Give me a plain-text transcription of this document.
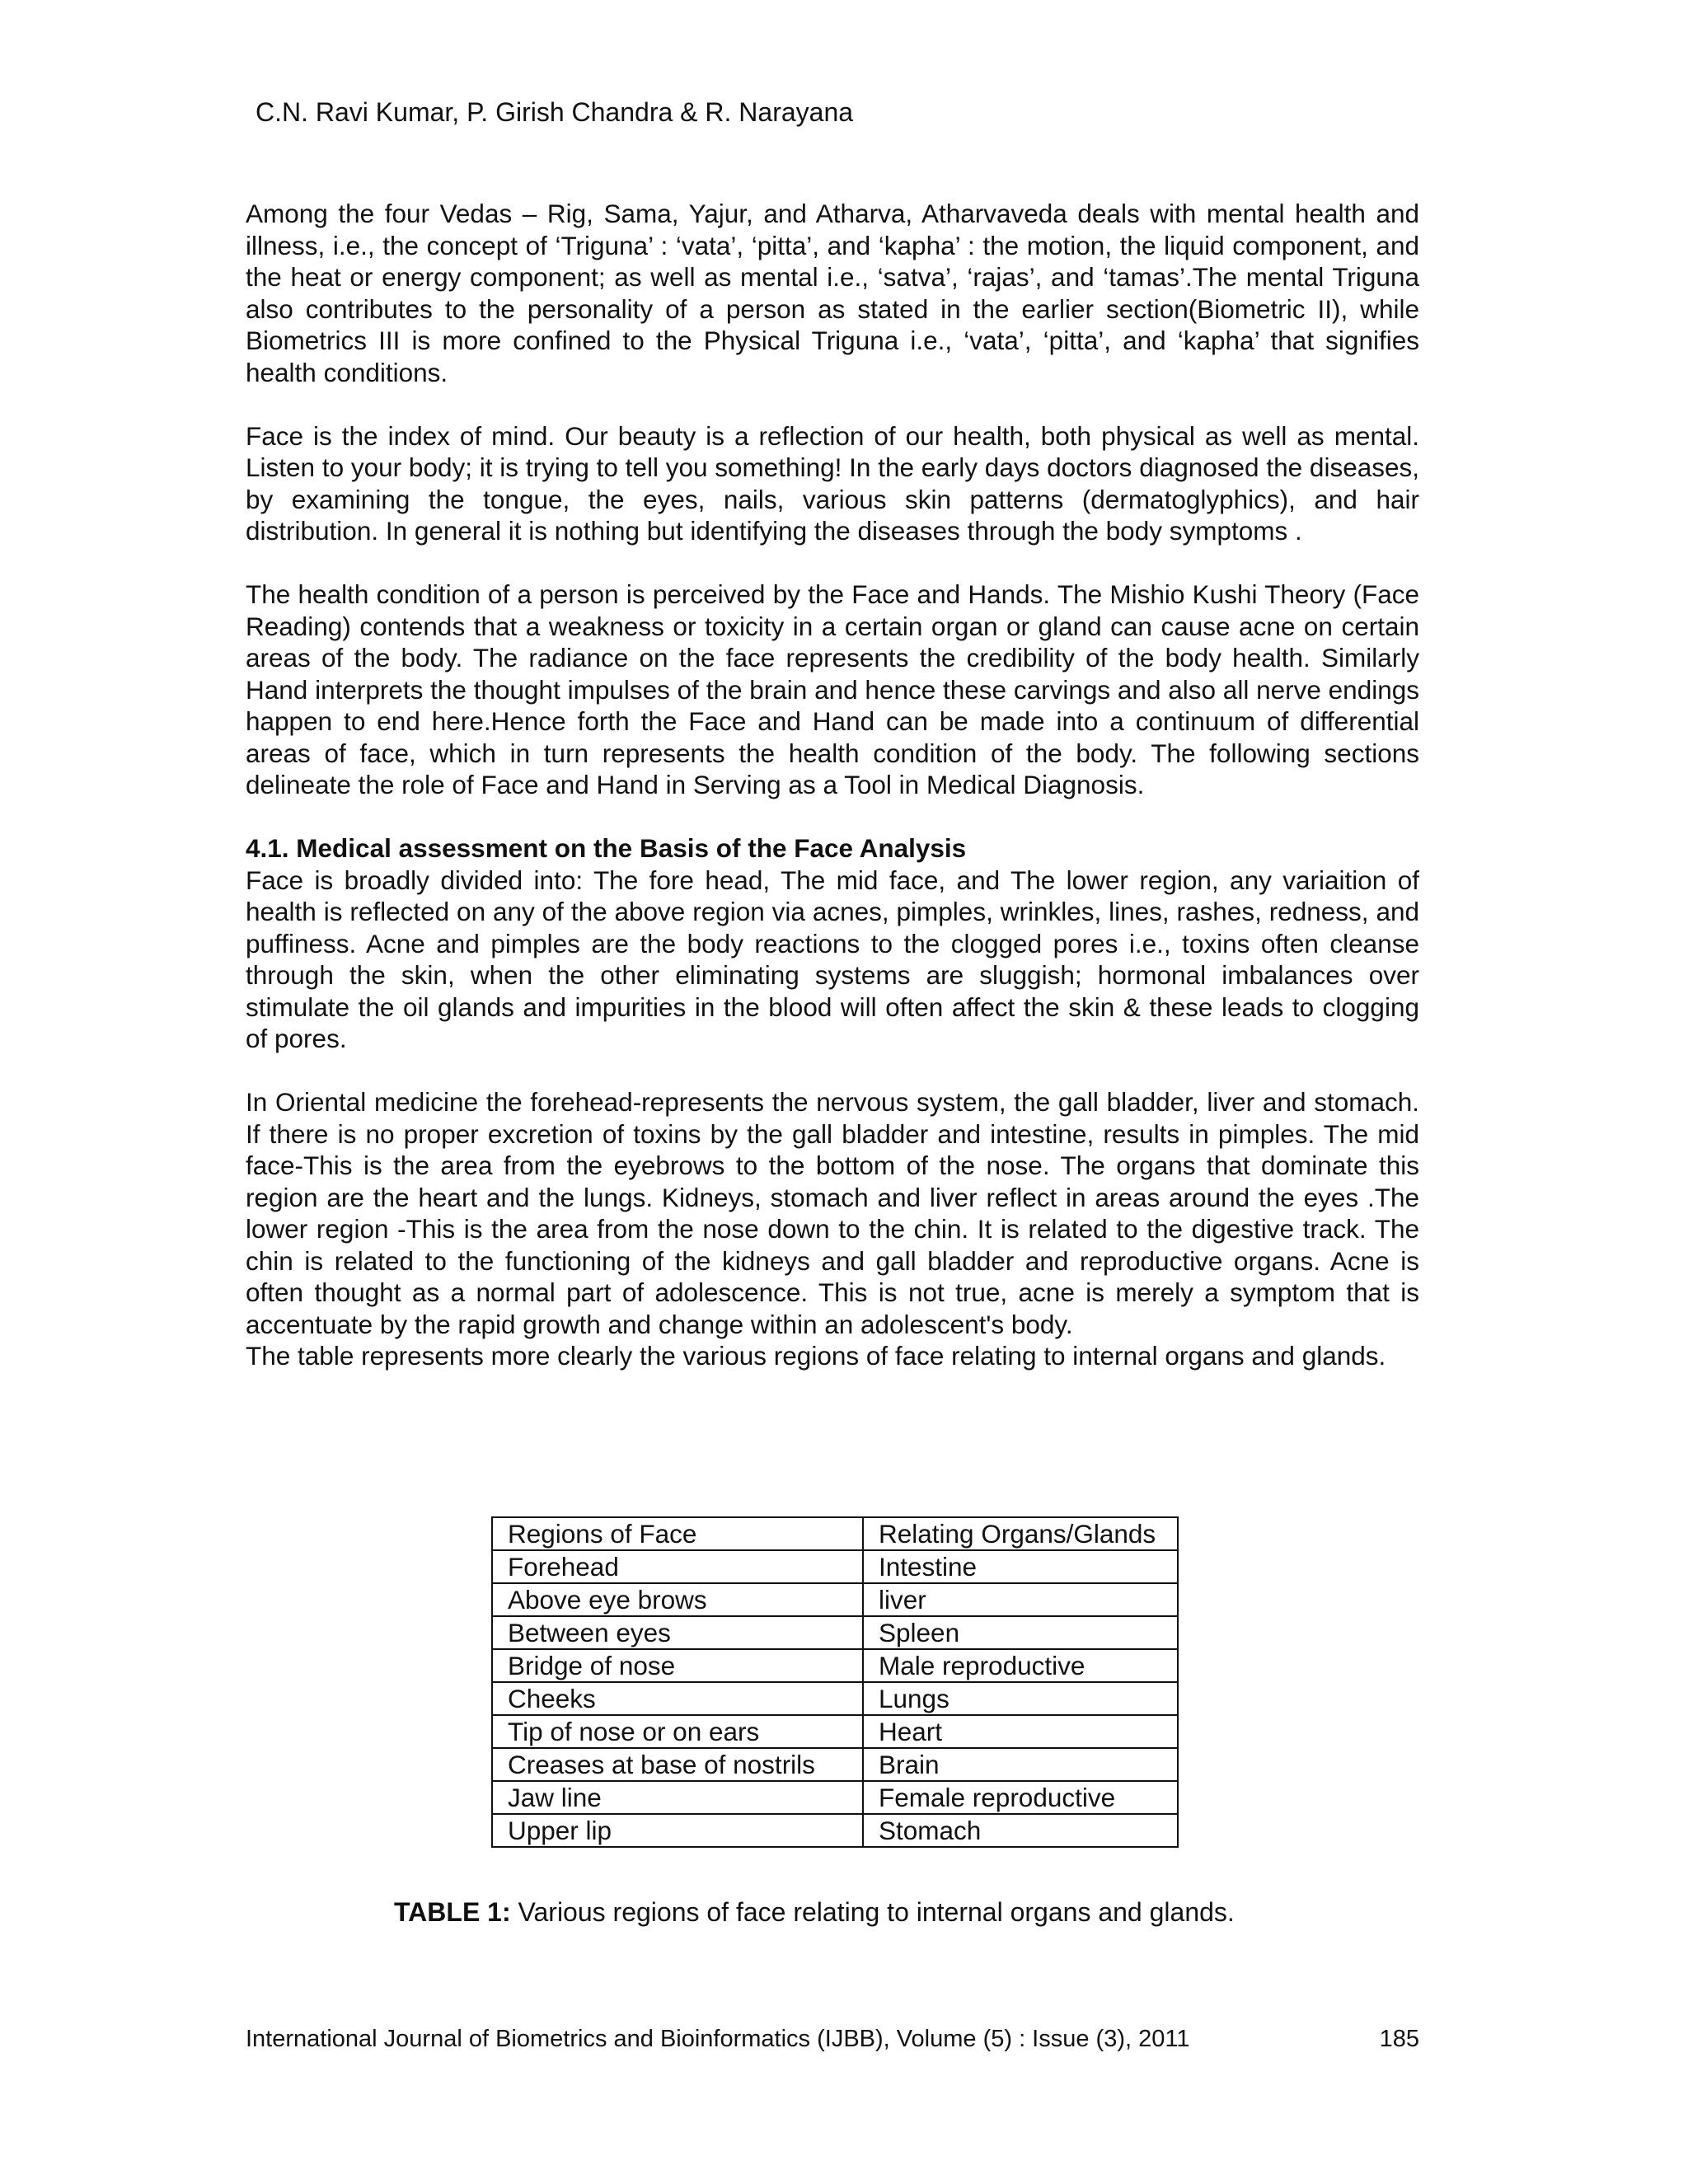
C.N. Ravi Kumar, P. Girish Chandra & R. Narayana

Among the four Vedas – Rig, Sama, Yajur, and Atharva, Atharvaveda deals with mental health and illness, i.e., the concept of ‘Triguna’ : ‘vata’, ‘pitta’, and ‘kapha’ : the motion, the liquid component, and the heat or energy component; as well as mental i.e., ‘satva’, ‘rajas’, and ‘tamas’.The mental Triguna also contributes to the personality of a person as stated in the earlier section(Biometric II), while Biometrics III is more confined to the Physical Triguna i.e., ‘vata’, ‘pitta’, and ‘kapha’ that signifies health conditions.

Face is the index of mind. Our beauty is a reflection of our health, both physical as well as mental. Listen to your body; it is trying to tell you something! In the early days doctors diagnosed the diseases, by examining the tongue, the eyes, nails, various skin patterns (dermatoglyphics), and hair distribution. In general it is nothing but identifying the diseases through the body symptoms .

The health condition of a person is perceived by the Face and Hands. The Mishio Kushi Theory (Face Reading) contends that a weakness or toxicity in a certain organ or gland can cause acne on certain areas of the body. The radiance on the face represents the credibility of the body health. Similarly Hand interprets the thought impulses of the brain and hence these carvings and also all nerve endings happen to end here.Hence forth the Face and Hand can be made into a continuum of differential areas of face, which in turn represents the health condition of the body. The following sections delineate the role of Face and Hand in Serving as a Tool in Medical Diagnosis.

4.1. Medical assessment on the Basis of the Face Analysis

Face is broadly divided into: The fore head, The mid face, and The lower region, any variaition of health is reflected on any of the above region via acnes, pimples, wrinkles, lines, rashes, redness, and puffiness. Acne and pimples are the body reactions to the clogged pores i.e., toxins often cleanse through the skin, when the other eliminating systems are sluggish; hormonal imbalances over stimulate the oil glands and impurities in the blood will often affect the skin & these leads to clogging of pores.

In Oriental medicine the forehead-represents the nervous system, the gall bladder, liver and stomach. If there is no proper excretion of toxins by the gall bladder and intestine, results in pimples. The mid face-This is the area from the eyebrows to the bottom of the nose. The organs that dominate this region are the heart and the lungs. Kidneys, stomach and liver reflect in areas around the eyes .The lower region -This is the area from the nose down to the chin. It is related to the digestive track. The chin is related to the functioning of the kidneys and gall bladder and reproductive organs. Acne is often thought as a normal part of adolescence. This is not true, acne is merely a symptom that is accentuate by the rapid growth and change within an adolescent's body.

The table represents more clearly the various regions of face relating to internal organs and glands.

Regions of Face	Relating Organs/Glands
Forehead	Intestine
Above eye brows	liver
Between eyes	Spleen
Bridge of nose	Male reproductive
Cheeks	Lungs
Tip of nose or on ears	Heart
Creases at base of nostrils	Brain
Jaw line	Female reproductive
Upper lip	Stomach
TABLE 1: Various regions of face relating to internal organs and glands.
International Journal of Biometrics and Bioinformatics (IJBB), Volume (5) : Issue (3), 2011	185
